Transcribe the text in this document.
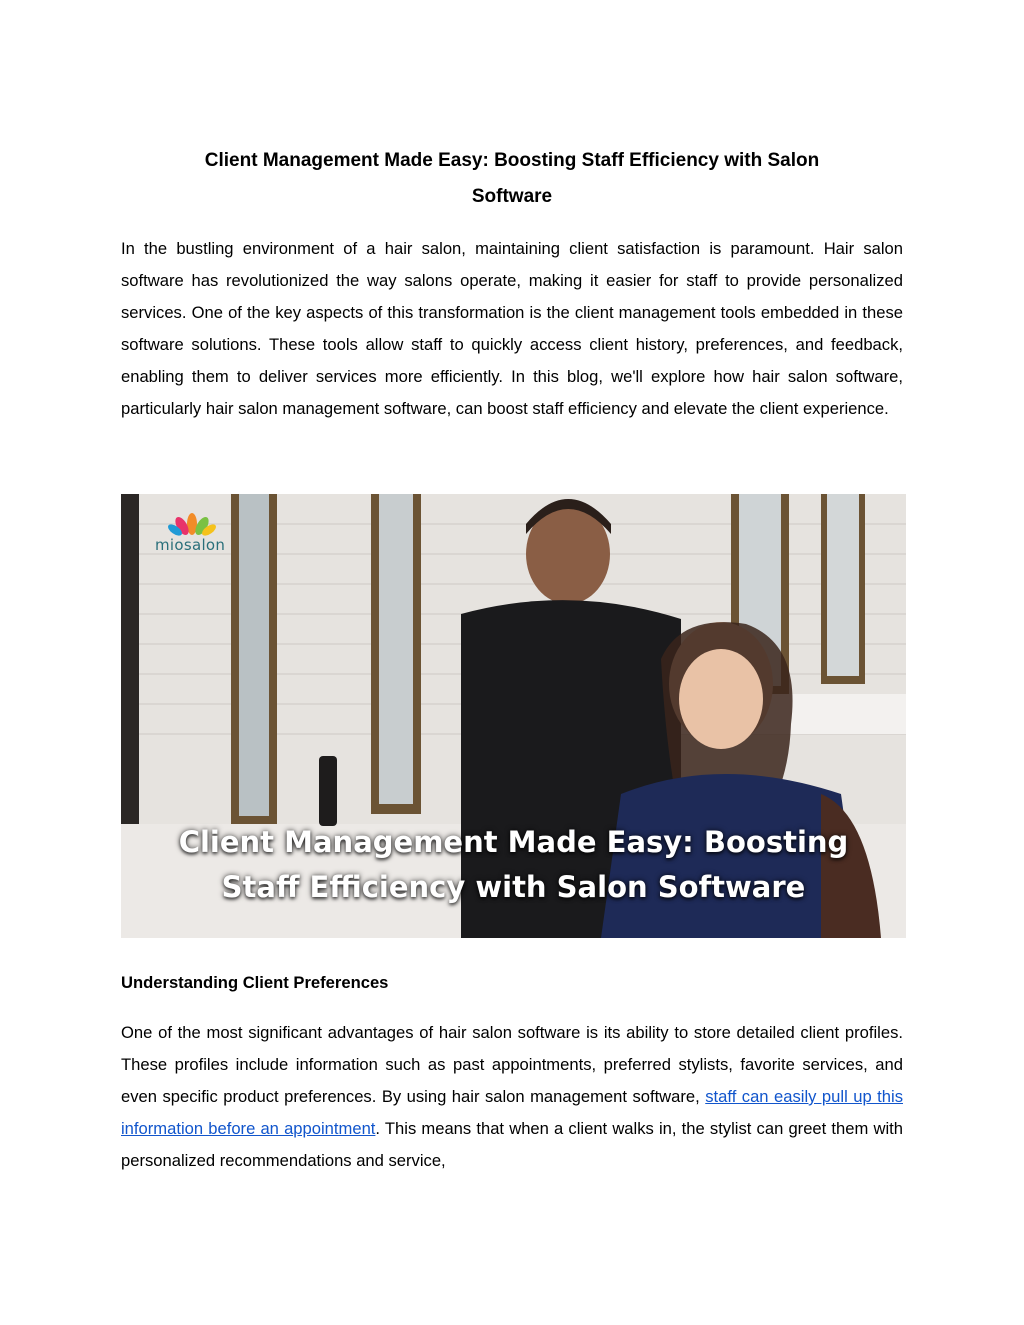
Client Management Made Easy: Boosting Staff Efficiency with Salon
Software

In the bustling environment of a hair salon, maintaining client satisfaction is paramount. Hair salon software has revolutionized the way salons operate, making it easier for staff to provide personalized services. One of the key aspects of this transformation is the client management tools embedded in these software solutions. These tools allow staff to quickly access client history, preferences, and feedback, enabling them to deliver services more efficiently. In this blog, we'll explore how hair salon software, particularly hair salon management software, can boost staff efficiency and elevate the client experience.

miosalon
Client Management Made Easy: Boosting
Staff Efficiency with Salon Software
Understanding Client Preferences

One of the most significant advantages of hair salon software is its ability to store detailed client profiles. These profiles include information such as past appointments, preferred stylists, favorite services, and even specific product preferences. By using hair salon management software, staff can easily pull up this information before an appointment. This means that when a client walks in, the stylist can greet them with personalized recommendations and service,
